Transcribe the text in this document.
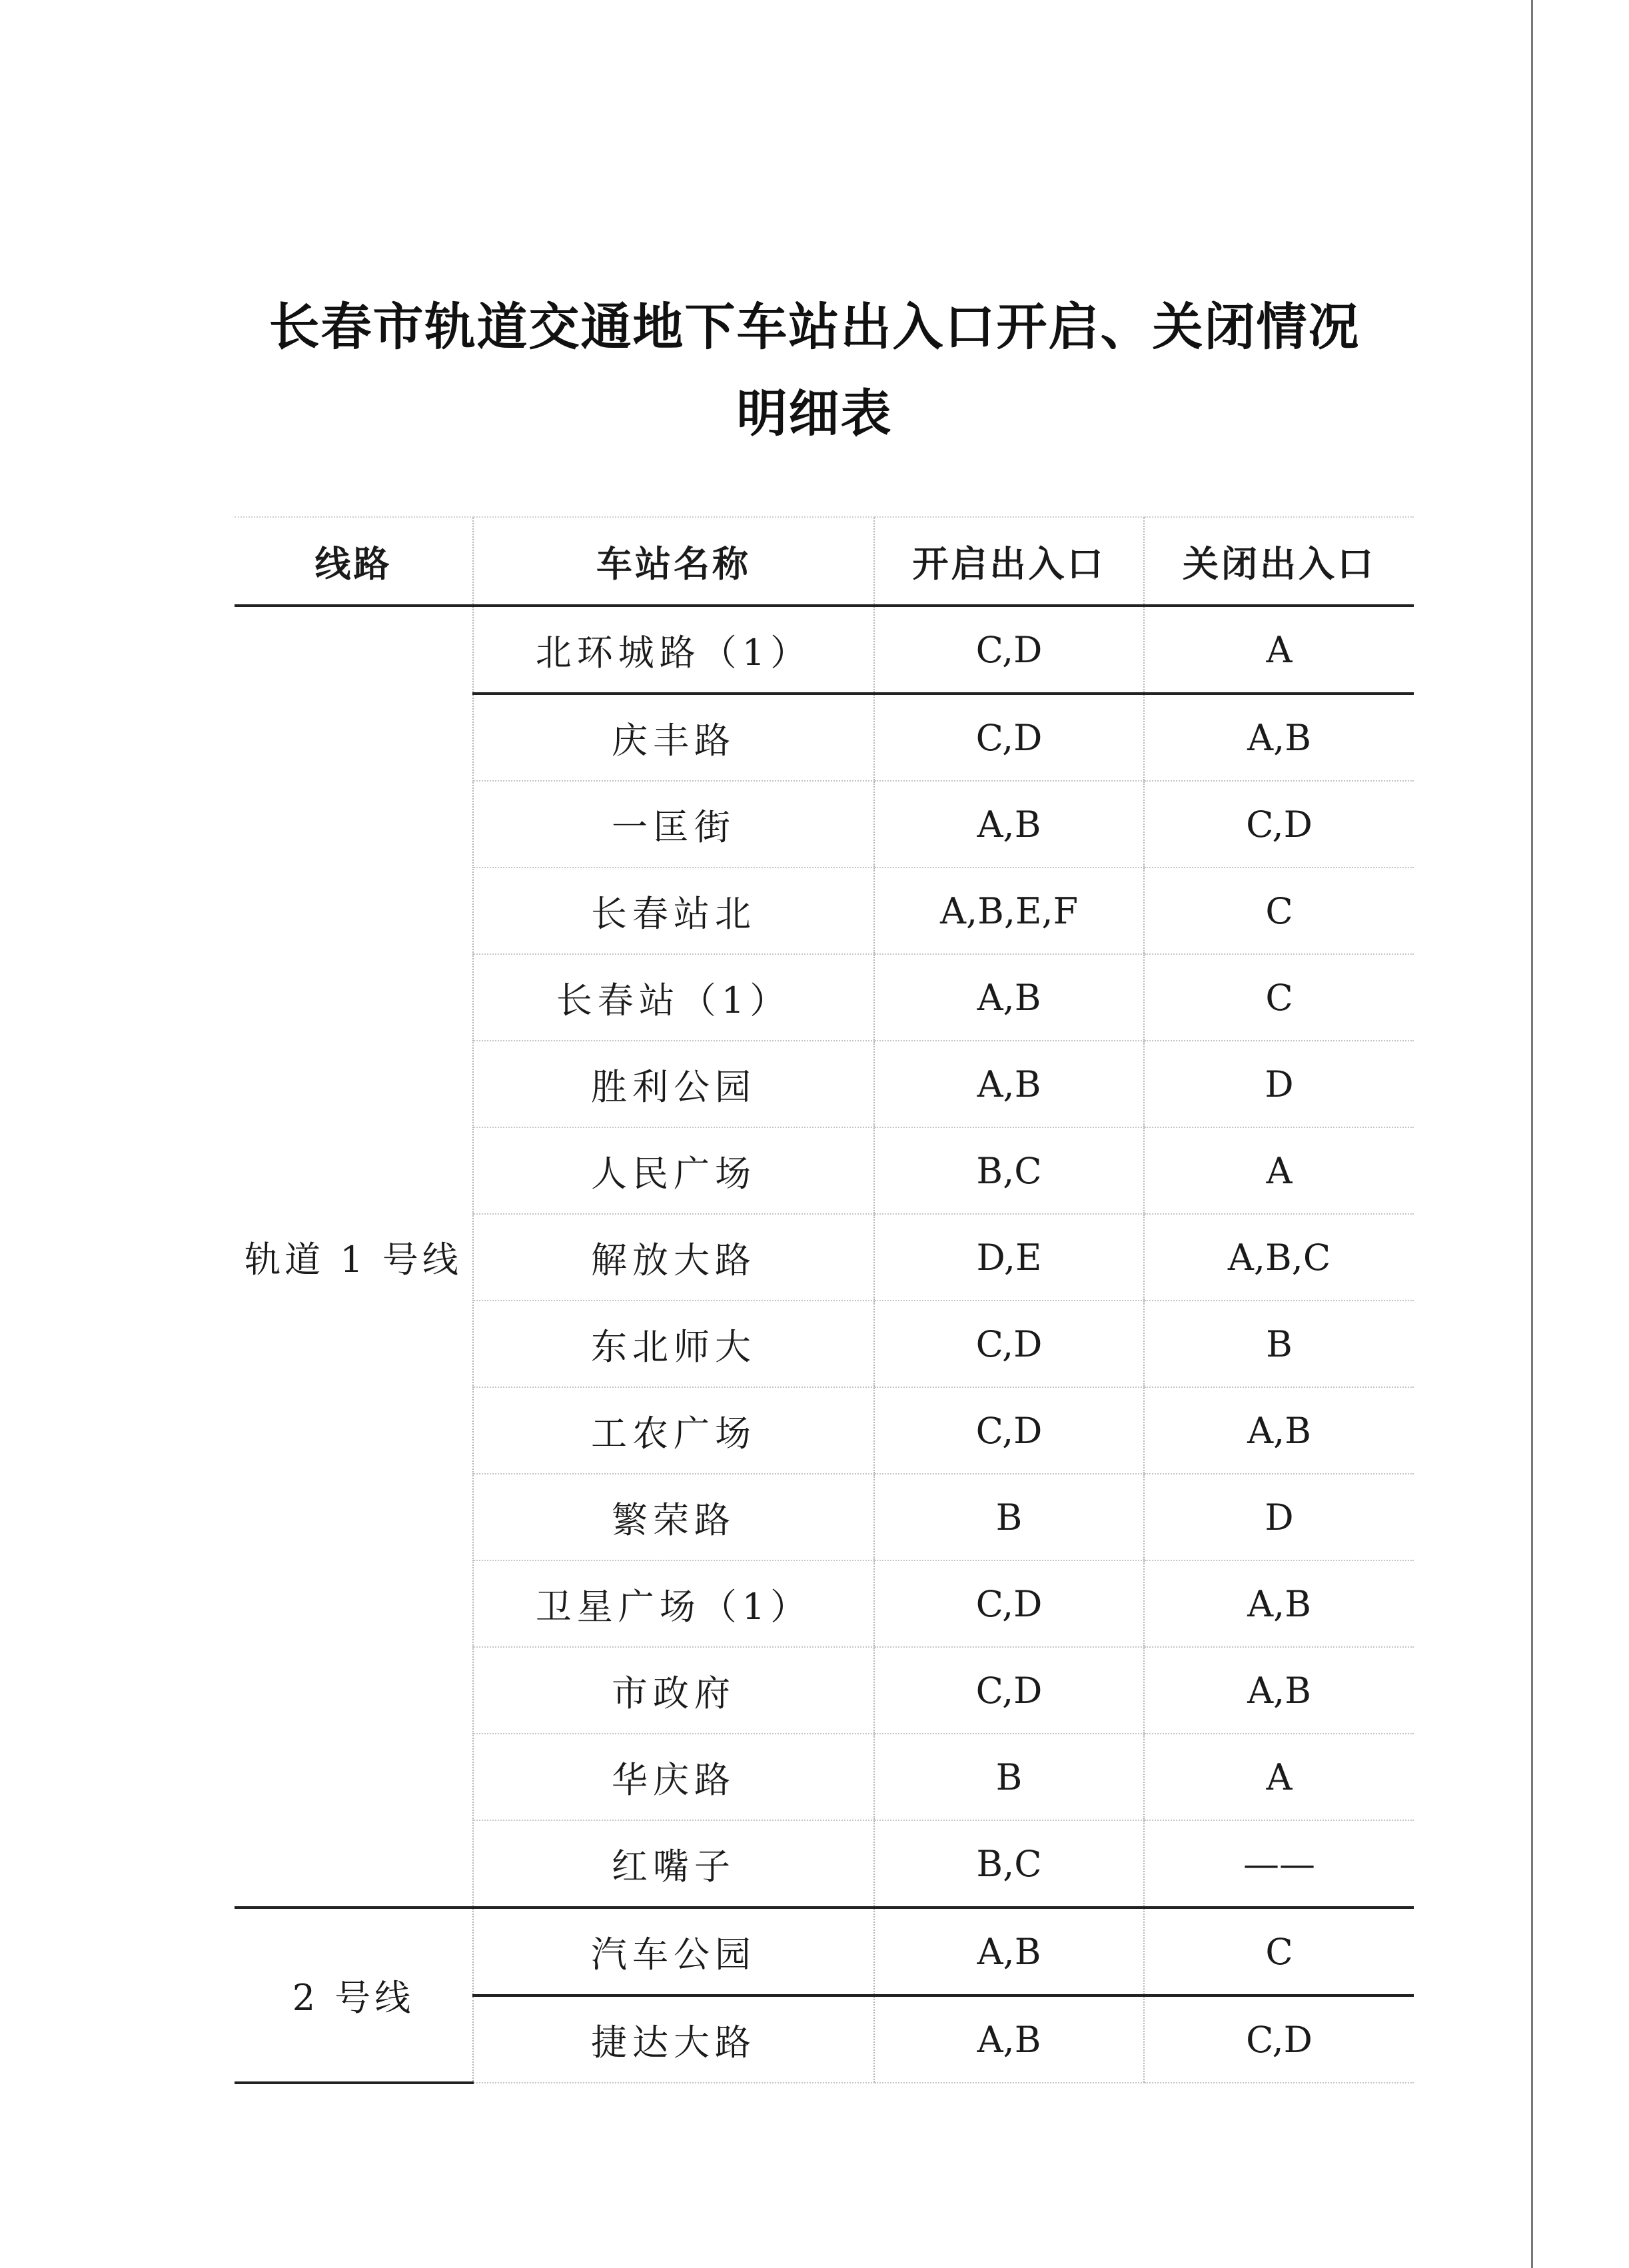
长春市轨道交通地下车站出入口开启、关闭情况
明细表
线路	车站名称	开启出入口	关闭出入口
轨道 1 号线	北环城路（1）	C,D	A
	庆丰路	C,D	A,B
	一匡街	A,B	C,D
	长春站北	A,B,E,F	C
	长春站（1）	A,B	C
	胜利公园	A,B	D
	人民广场	B,C	A
	解放大路	D,E	A,B,C
	东北师大	C,D	B
	工农广场	C,D	A,B
	繁荣路	B	D
	卫星广场（1）	C,D	A,B
	市政府	C,D	A,B
	华庆路	B	A
	红嘴子	B,C	——
2 号线	汽车公园	A,B	C
	捷达大路	A,B	C,D
